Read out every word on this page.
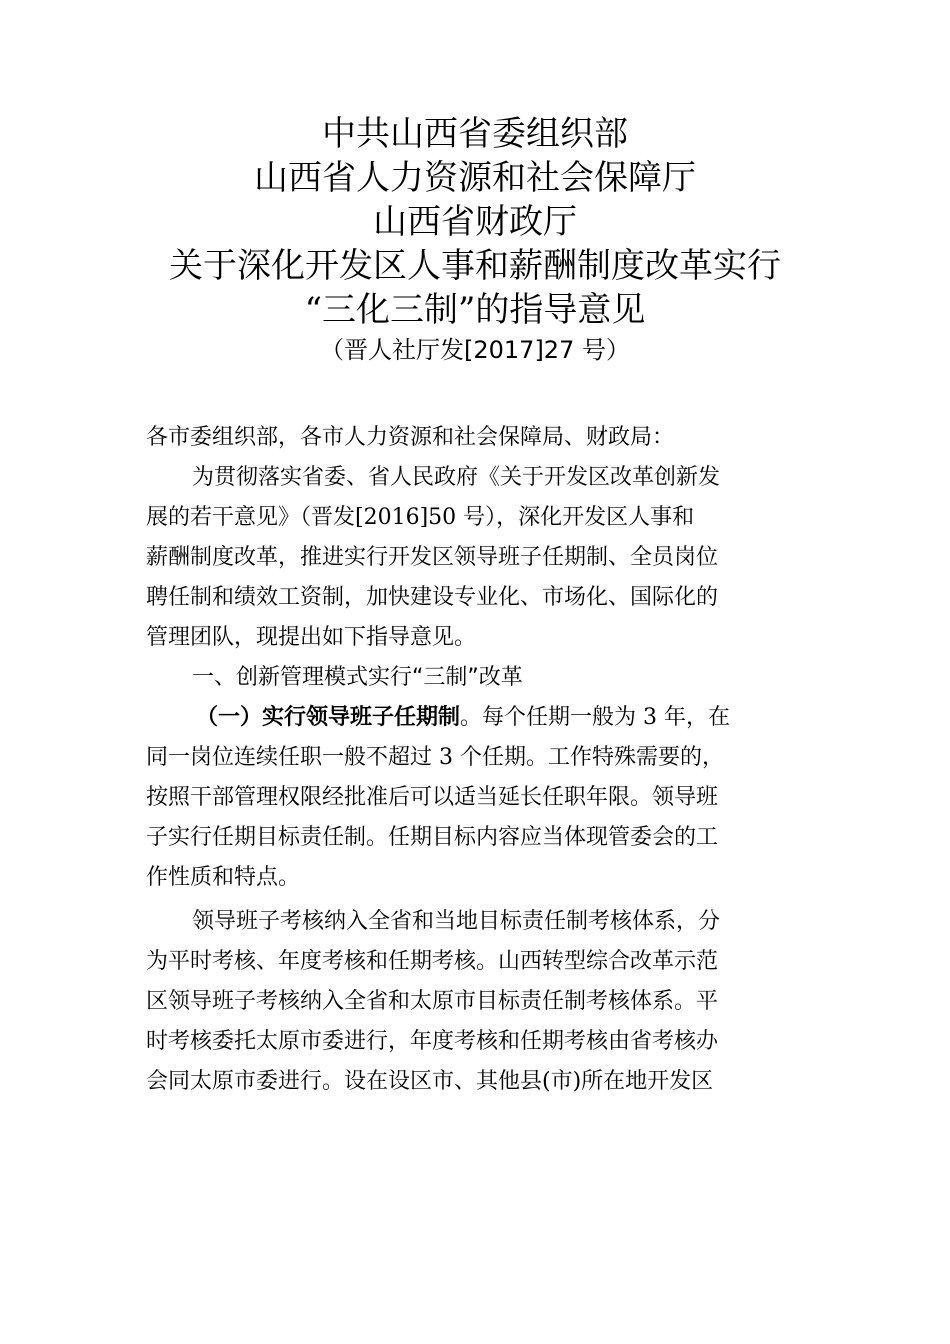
中共山西省委组织部
山西省人力资源和社会保障厅
山西省财政厅
关于深化开发区人事和薪酬制度改革实行
“三化三制”的指导意见
（晋人社厅发[2017]27 号）
各市委组织部，各市人力资源和社会保障局、财政局：
为贯彻落实省委、省人民政府《关于开发区改革创新发
展的若干意见》（晋发[2016]50 号），深化开发区人事和
薪酬制度改革，推进实行开发区领导班子任期制、全员岗位
聘任制和绩效工资制，加快建设专业化、市场化、国际化的
管理团队，现提出如下指导意见。
一、创新管理模式实行“三制”改革
（一）实行领导班子任期制。每个任期一般为 3 年，在
同一岗位连续任职一般不超过 3 个任期。工作特殊需要的，
按照干部管理权限经批准后可以适当延长任职年限。领导班
子实行任期目标责任制。任期目标内容应当体现管委会的工
作性质和特点。
领导班子考核纳入全省和当地目标责任制考核体系，分
为平时考核、年度考核和任期考核。山西转型综合改革示范
区领导班子考核纳入全省和太原市目标责任制考核体系。平
时考核委托太原市委进行，年度考核和任期考核由省考核办
会同太原市委进行。设在设区市、其他县(市)所在地开发区
